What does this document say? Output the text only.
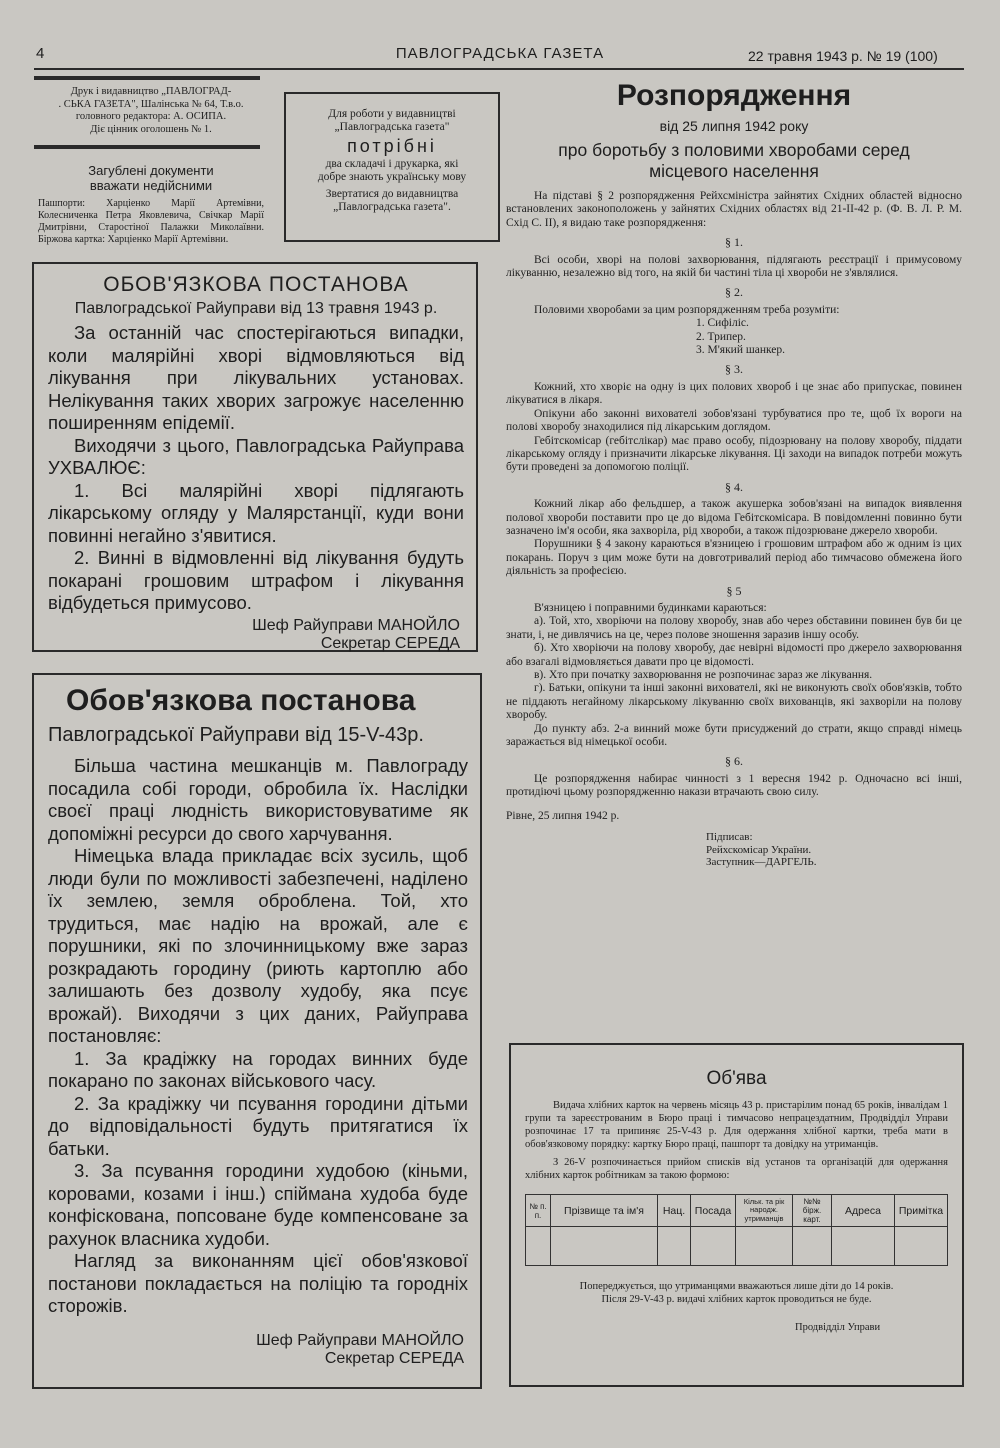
4	ПАВЛОГРАДСЬКА ГАЗЕТА	22 травня 1943 р. № 19 (100)
Друк і видавництво „ПАВЛОГРАД-
. СЬКА ГАЗЕТА", Шалінська № 64, Т.в.о.
головного редактора: А. ОСИПА.
Діє цінник оголошень № 1.
Загублені документи
вважати недійсними
Пашпорти: Харціенко Марії Артемівни, Колесниченка Петра Яковлевича, Свічкар Марії Дмитрівни, Старостіної Палажки Миколаївни. Біржова картка: Харціенко Марії Артемівни.
Для роботи у видавництві
„Павлоградська газета"
потрібні
два складачі і друкарка, які
добре знають українську мову
Звертатися до видавництва
„Павлоградська газета".
ОБОВ'ЯЗКОВА ПОСТАНОВА
Павлоградської Райуправи від 13 травня 1943 р.

За останній час спостерігаються випадки, коли малярійні хворі відмовляються від лікування при лікувальних установах. Нелікування таких хворих загрожує населенню поширенням епідемії.

Виходячи з цього, Павлоградська Райуправа УХВАЛЮЄ:

1. Всі малярійні хворі підлягають лікарському огляду у Малярстанції, куди вони повинні негайно з'явитися.

2. Винні в відмовленні від лікування будуть покарані грошовим штрафом і лікування відбудеться примусово.

Шеф Райуправи МАНОЙЛО
Секретар СЕРЕДА
Обов'язкова постанова
Павлоградської Райуправи від 15-V-43р.

Більша частина мешканців м. Павлограду посадила собі городи, обробила їх. Наслідки своєї праці людність використовуватиме як допоміжні ресурси до свого харчування.

Німецька влада прикладає всіх зусиль, щоб люди були по можливості забезпечені, наділено їх землею, земля оброблена. Той, хто трудиться, має надію на врожай, але є порушники, які по злочинницькому вже зараз розкрадають городину (риють картоплю або залишають без дозволу худобу, яка псує врожай). Виходячи з цих даних, Райуправа постановляє:

1. За крадіжку на городах винних буде покарано по законах військового часу.

2. За крадіжку чи псування городини дітьми до відповідальності будуть притягатися їх батьки.

3. За псування городини худобою (кіньми, коровами, козами і інш.) спіймана худоба буде конфіскована, попсоване буде компенсоване за рахунок власника худоби.

Нагляд за виконанням цієї обов'язкової постанови покладається на поліцію та городніх сторожів.

Шеф Райуправи МАНОЙЛО
Секретар СЕРЕДА
Розпорядження
від 25 липня 1942 року
про боротьбу з половими хворобами серед місцевого населення

На підставі § 2 розпорядження Рейхсміністра зайнятих Східних областей відносно встановлених законоположень у зайнятих Східних областях від 21-II-42 р. (Ф. В. Л. Р. М. Схід С. II), я видаю таке розпорядження:

§ 1.

Всі особи, хворі на полові захворювання, підлягають реєстрації і примусовому лікуванню, незалежно від того, на якій би частині тіла ці хвороби не з'являлися.

§ 2.

Половими хворобами за цим розпорядженням треба розуміти:

1. Сифіліс.
2. Трипер.
3. М'який шанкер.
§ 3.

Кожний, хто хворіє на одну із цих полових хвороб і це знає або припускає, повинен лікуватися в лікаря.

Опікуни або законні вихователі зобов'язані турбуватися про те, щоб їх вороги на полові хворобу знаходилися під лікарським доглядом.

Гебітскомісар (гебітслікар) має право особу, підозрювану на полову хворобу, піддати лікарському огляду і призначити лікарське лікування. Ці заходи на випадок потреби можуть бути проведені за допомогою поліції.

§ 4.

Кожний лікар або фельдшер, а також акушерка зобов'язані на випадок виявлення полової хвороби поставити про це до відома Гебітскомісара. В повідомленні повинно бути зазначено ім'я особи, яка захворіла, рід хвороби, а також підозрюване джерело хвороби.

Порушники § 4 закону караються в'язницею і грошовим штрафом або ж одним із цих покарань. Поруч з цим може бути на довготривалий період або тимчасово обмежена його діяльність за професією.

§ 5

В'язницею і поправними будинками караються:

а). Той, хто, хворіючи на полову хворобу, знав або через обставини повинен був би це знати, і, не дивлячись на це, через полове зношення заразив іншу особу.

б). Хто хворіючи на полову хворобу, дає невірні відомості про джерело захворювання або взагалі відмовляється давати про це відомості.

в). Хто при початку захворювання не розпочинає зараз же лікування.

г). Батьки, опікуни та інші законні вихователі, які не виконують своїх обов'язків, тобто не піддають негайному лікарському лікуванню своїх вихованців, які захворіли на полову хворобу.

До пункту абз. 2-а винний може бути присуджений до страти, якщо справді німець заражається від німецької особи.

§ 6.

Це розпорядження набирає чинності з 1 вересня 1942 р. Одночасно всі інші, протидіючі цьому розпорядженню накази втрачають свою силу.

Рівне, 25 липня 1942 р.

Підписав:
Рейхскомісар України.
Заступник—ДАРГЕЛЬ.
Об'ява

Видача хлібних карток на червень місяць 43 р. пристарілим понад 65 років, інвалідам 1 групи та зареєстрованим в Бюро праці і тимчасово непрацездатним, Продвідділ Управи розпочинає 17 та припиняє 25-V-43 р. Для одержання хлібної картки, треба мати в обов'язковому порядку: картку Бюро праці, пашпорт та довідку на утриманців.

З 26-V розпочинається прийом списків від установ та організацій для одержання хлібних карток робітникам за такою формою:

№ п. п.	Прізвище та ім'я	Нац.	Посада	Кільк. та рік народж. утриманців	№№ бірж. карт.	Адреса	Примітка

Попереджується, що утриманцями вважаються лише діти до 14 років.
Після 29-V-43 р. видачі хлібних карток проводиться не буде.
Продвідділ Управи
